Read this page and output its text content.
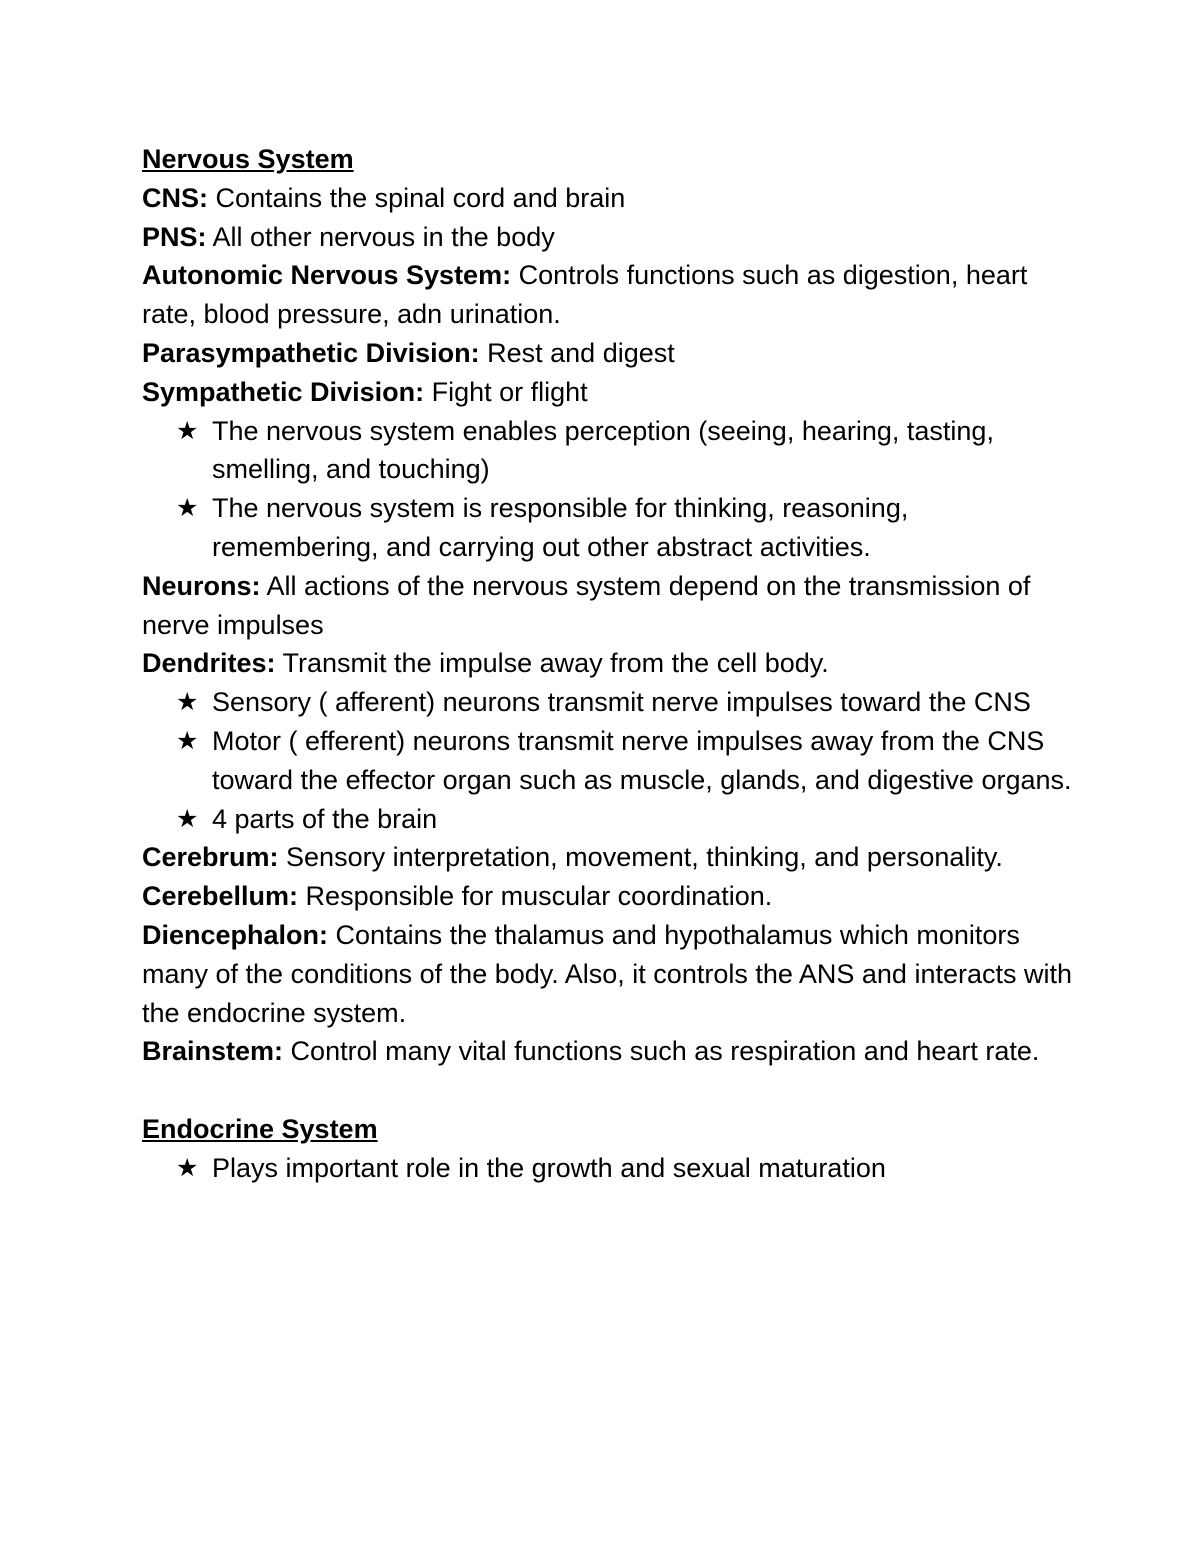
Nervous System
CNS: Contains the spinal cord and brain
PNS: All other nervous in the body
Autonomic Nervous System: Controls functions such as digestion, heart rate, blood pressure, adn urination.
Parasympathetic Division: Rest and digest
Sympathetic Division: Fight or flight
★ The nervous system enables perception (seeing, hearing, tasting, smelling, and touching)
★ The nervous system is responsible for thinking, reasoning, remembering, and carrying out other abstract activities.
Neurons: All actions of the nervous system depend on the transmission of nerve impulses
Dendrites: Transmit the impulse away from the cell body.
★ Sensory ( afferent) neurons transmit nerve impulses toward the CNS
★ Motor ( efferent) neurons transmit nerve impulses away from the CNS toward the effector organ such as muscle, glands, and digestive organs.
★ 4 parts of the brain
Cerebrum: Sensory interpretation, movement, thinking, and personality.
Cerebellum: Responsible for muscular coordination.
Diencephalon: Contains the thalamus and hypothalamus which monitors many of the conditions of the body. Also, it controls the ANS and interacts with the endocrine system.
Brainstem: Control many vital functions such as respiration and heart rate.
Endocrine System
★ Plays important role in the growth and sexual maturation
